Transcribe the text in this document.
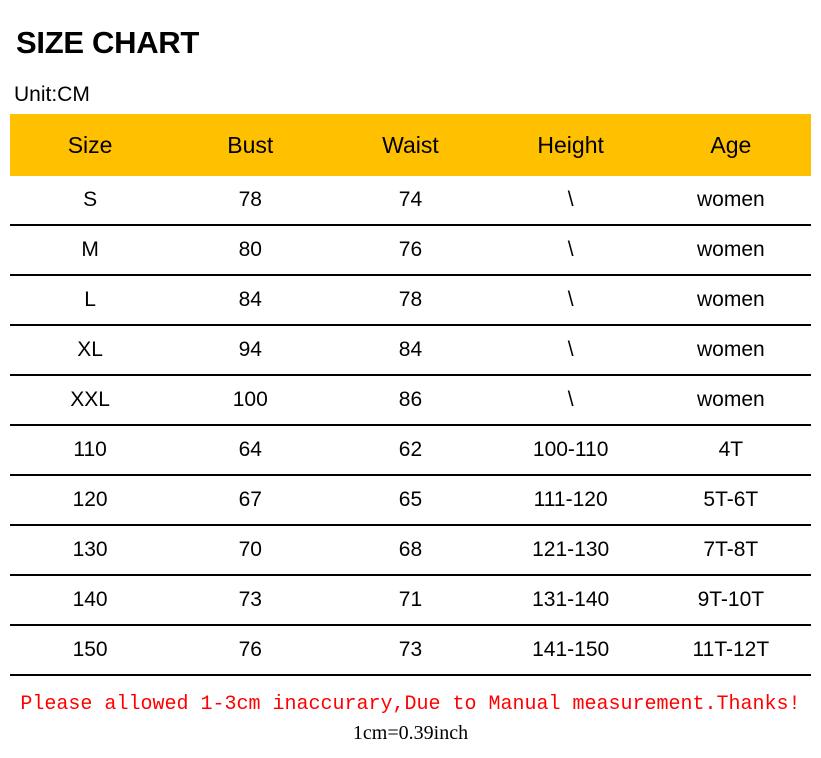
SIZE CHART
Unit:CM
Size	Bust	Waist	Height	Age
S	78	74	\	women
M	80	76	\	women
L	84	78	\	women
XL	94	84	\	women
XXL	100	86	\	women
110	64	62	100-110	4T
120	67	65	111-120	5T-6T
130	70	68	121-130	7T-8T
140	73	71	131-140	9T-10T
150	76	73	141-150	11T-12T
Please allowed 1-3cm inaccurary,Due to Manual measurement.Thanks!
1cm=0.39inch
